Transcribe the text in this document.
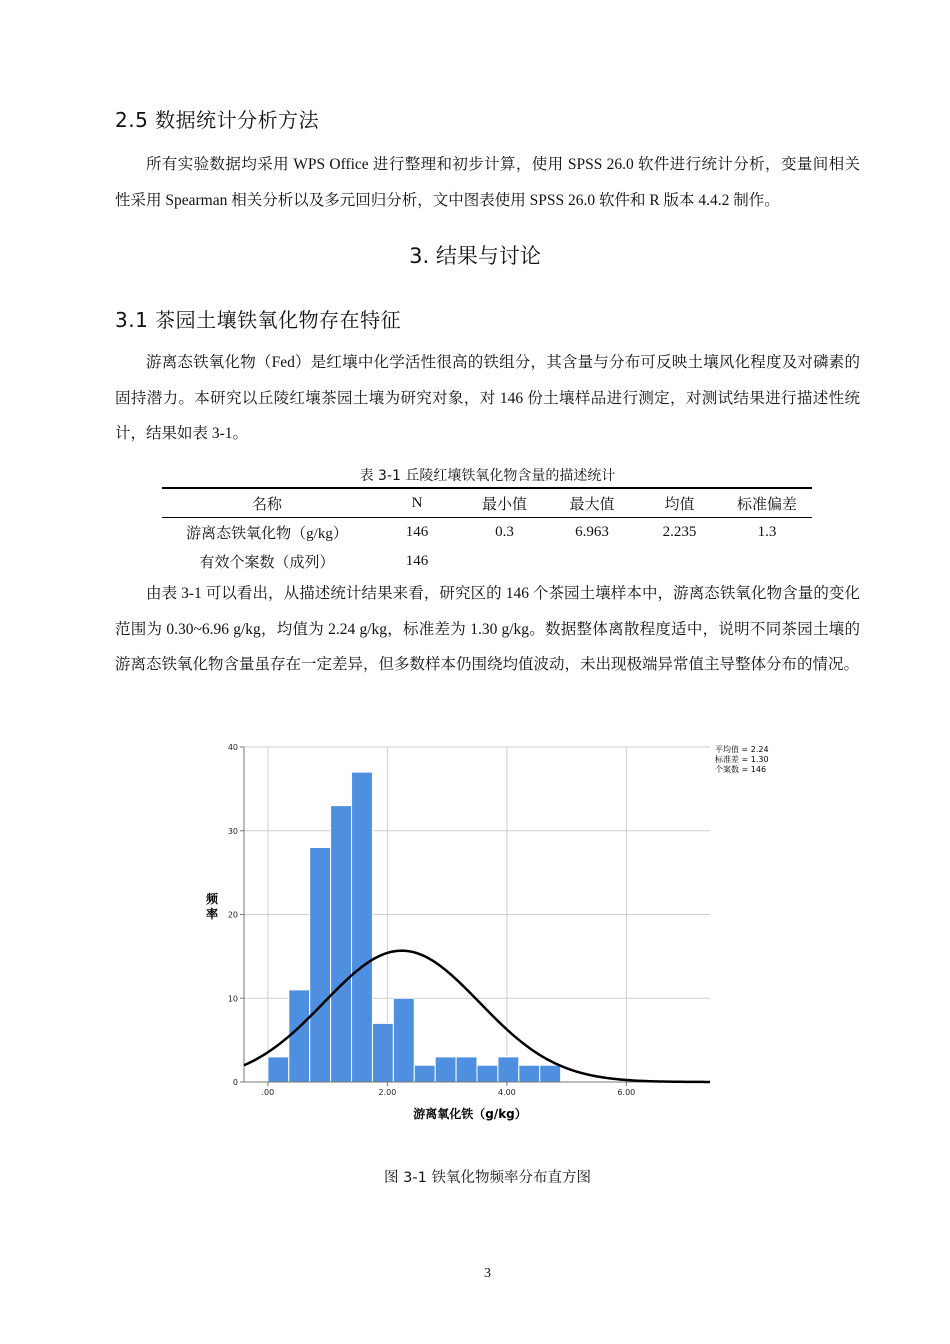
2.5 数据统计分析方法

所有实验数据均采用 WPS Office 进行整理和初步计算，使用 SPSS 26.0 软件进行统计分析，变量间相关性采用 Spearman 相关分析以及多元回归分析，文中图表使用 SPSS 26.0 软件和 R 版本 4.4.2 制作。

3. 结果与讨论
3.1 茶园土壤铁氧化物存在特征

游离态铁氧化物（Fed）是红壤中化学活性很高的铁组分，其含量与分布可反映土壤风化程度及对磷素的固持潜力。本研究以丘陵红壤茶园土壤为研究对象，对 146 份土壤样品进行测定，对测试结果进行描述性统计，结果如表 3-1。

表 3-1 丘陵红壤铁氧化物含量的描述统计
名称	N	最小值	最大值	均值	标准偏差
游离态铁氧化物（g/kg）	146	0.3	6.963	2.235	1.3
有效个案数（成列）	146				

由表 3-1 可以看出，从描述统计结果来看，研究区的 146 个茶园土壤样本中，游离态铁氧化物含量的变化范围为 0.30~6.96 g/kg，均值为 2.24 g/kg，标准差为 1.30 g/kg。数据整体离散程度适中，说明不同茶园土壤的游离态铁氧化物含量虽存在一定差异，但多数样本仍围绕均值波动，未出现极端异常值主导整体分布的情况。

0
10
20
30
40
.00	2.00	4.00	6.00
游离氧化铁（g/kg）
频
率
平均值 = 2.24
标准差 = 1.30
个案数 = 146
图 3-1 铁氧化物频率分布直方图
3
